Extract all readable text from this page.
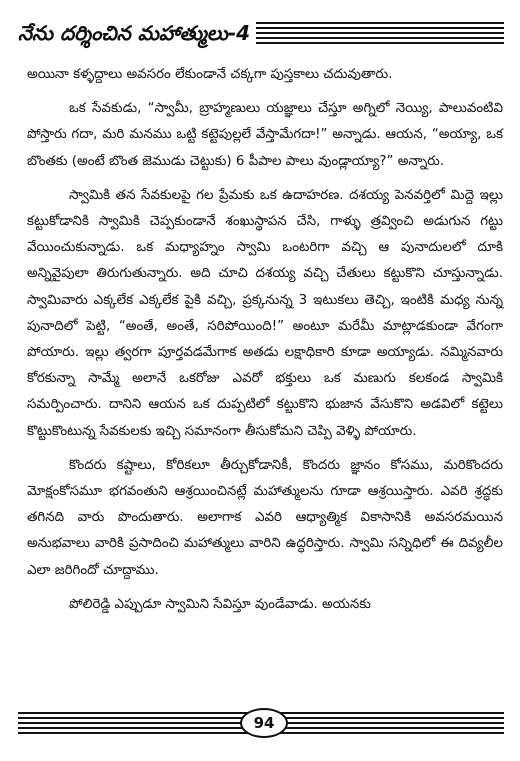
నేను దర్శించిన మహాత్ములు-4

అయినా కళ్ళద్దాలు అవసరం లేకుండానే చక్కగా పుస్తకాలు చదువుతారు.

ఒక సేవకుడు, “స్వామీ, బ్రాహ్మణులు యజ్ఞాలు చేస్తూ అగ్నిలో నెయ్యి, పాలువంటివి పోస్తారు గదా, మరి మనము ఒట్టి కట్టెపుల్లలే వేస్తామేగదా!” అన్నాడు. ఆయన, “అయ్యా, ఒక బొంతకు (అంటే బొంత జెముడు చెట్టుకు) 6 పీపాల పాలు వుండ్లాయ్యా?” అన్నారు.

స్వామికి తన సేవకులపై గల ప్రేమకు ఒక ఉదాహరణ. దశయ్య పెనవర్తిలో మిద్దె ఇల్లు కట్టుకోడానికి స్వామికి చెప్పకుండానే శంఖుస్థాపన చేసి, గాళ్ళు త్రవ్వించి అడుగున గట్టు వేయించుకున్నాడు. ఒక మధ్యాహ్నం స్వామి ఒంటరిగా వచ్చి ఆ పునాదులలో దూకి అన్నివైపులా తిరుగుతున్నారు. అది చూచి దశయ్య వచ్చి చేతులు కట్టుకొని చూస్తున్నాడు. స్వామివారు ఎక్కలేక ఎక్కలేక పైకి వచ్చి, ప్రక్కనున్న 3 ఇటుకలు తెచ్చి, ఇంటికి మధ్య నున్న పునాదిలో పెట్టి, “అంతే, అంతే, సరిపోయింది!” అంటూ మరేమీ మాట్లాడకుండా వేగంగా పోయారు. ఇల్లు త్వరగా పూర్తవడమేగాక అతడు లక్షాధికారి కూడా అయ్యాడు. నమ్మినవారు కోరకున్నా సామ్మే అలానే ఒకరోజు ఎవరో భక్తులు ఒక మణుగు కలకండ స్వామికి సమర్పించారు. దానిని ఆయన ఒక దుప్పటిలో కట్టుకొని భుజాన వేసుకొని అడవిలో కట్టెలు కొట్టుకొంటున్న సేవకులకు ఇచ్చి సమానంగా తీసుకోమని చెప్పి వెళ్ళి పోయారు.

కొందరు కష్టాలు, కోరికలూ తీర్చుకోడానికీ, కొందరు జ్ఞానం కోసము, మరికొందరు మోక్షంకోసమూ భగవంతుని ఆశ్రయించినట్లే మహాత్ములను గూడా ఆశ్రయిస్తారు. ఎవరి శ్రద్ధకు తగినది వారు పొందుతారు. అలాగాక ఎవరి ఆధ్యాత్మిక వికాసానికి అవసరమయిన అనుభవాలు వారికి ప్రసాదించి మహాత్ములు వారిని ఉద్ధరిస్తారు. స్వామి సన్నిధిలో ఈ దివ్యలీల ఎలా జరిగిందో చూద్దాము.

పోలిరెడ్డి ఎప్పుడూ స్వామిని సేవిస్తూ వుండేవాడు. అయనకు

94
